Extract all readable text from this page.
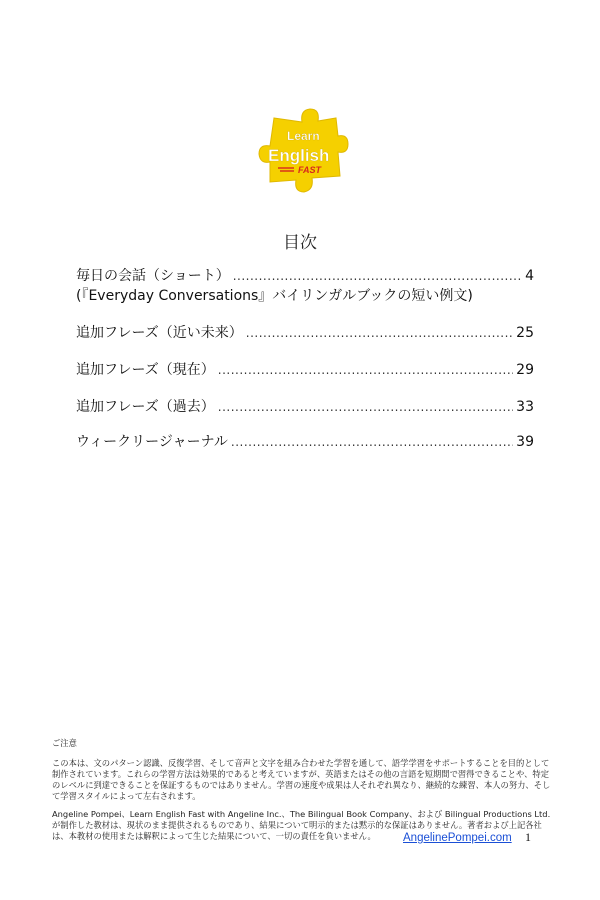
Learn
English
FAST
目次
毎日の会話（ショート） .....	4
(『Everyday Conversations』バイリンガルブックの短い例文)
追加フレーズ（近い未来） .....	25
追加フレーズ（現在） .....	29
追加フレーズ（過去） .....	33
ウィークリージャーナル .....	39

ご注意

この本は、文のパターン認識、反復学習、そして音声と文字を組み合わせた学習を通して、語学学習をサポートすることを目的として制作されています。これらの学習方法は効果的であると考えていますが、英語またはその他の言語を短期間で習得できることや、特定のレベルに到達できることを保証するものではありません。学習の速度や成果は人それぞれ異なり、継続的な練習、本人の努力、そして学習スタイルによって左右されます。

Angeline Pompei、Learn English Fast with Angeline Inc.、The Bilingual Book Company、および Bilingual Productions Ltd. が制作した教材は、現状のまま提供されるものであり、結果について明示的または黙示的な保証はありません。著者および上記各社は、本教材の使用または解釈によって生じた結果について、一切の責任を負いません。	AngelinePompei.com 1
